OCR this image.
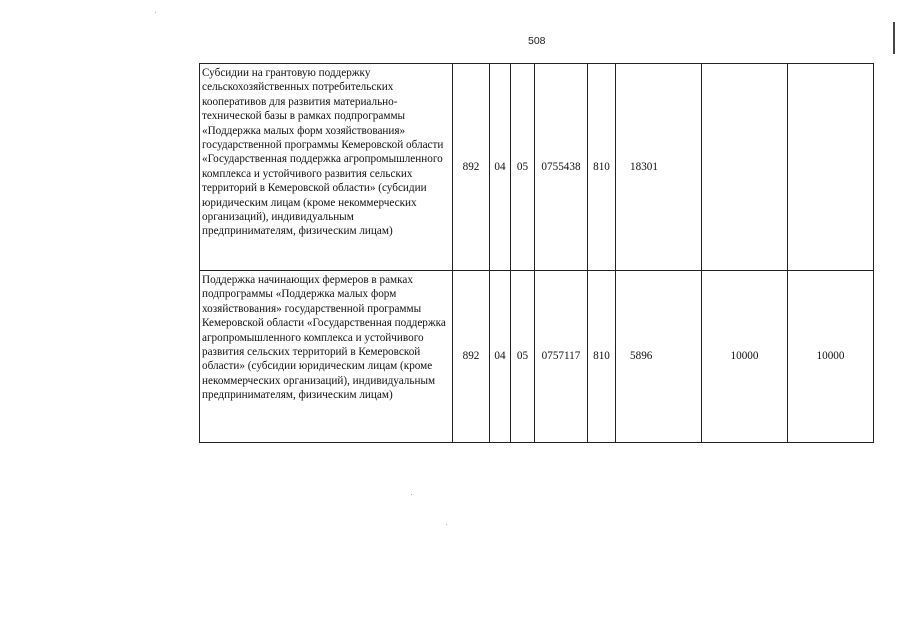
508
Субсидии на грантовую поддержку сельскохозяйственных потребительских кооперативов для развития материально-технической базы в рамках подпрограммы «Поддержка малых форм хозяйствования» государственной программы Кемеровской области «Государственная поддержка агропромышленного комплекса и устойчивого развития сельских территорий в Кемеровской области» (субсидии юридическим лицам (кроме некоммерческих организаций), индивидуальным предпринимателям, физическим лицам)	892	04	05	0755438	810	18301		
Поддержка начинающих фермеров в рамках подпрограммы «Поддержка малых форм хозяйствования» государственной программы Кемеровской области «Государственная поддержка агропромышленного комплекса и устойчивого развития сельских территорий в Кемеровской области» (субсидии юридическим лицам (кроме некоммерческих организаций), индивидуальным предпринимателям, физическим лицам)	892	04	05	0757117	810	5896	10000	10000
